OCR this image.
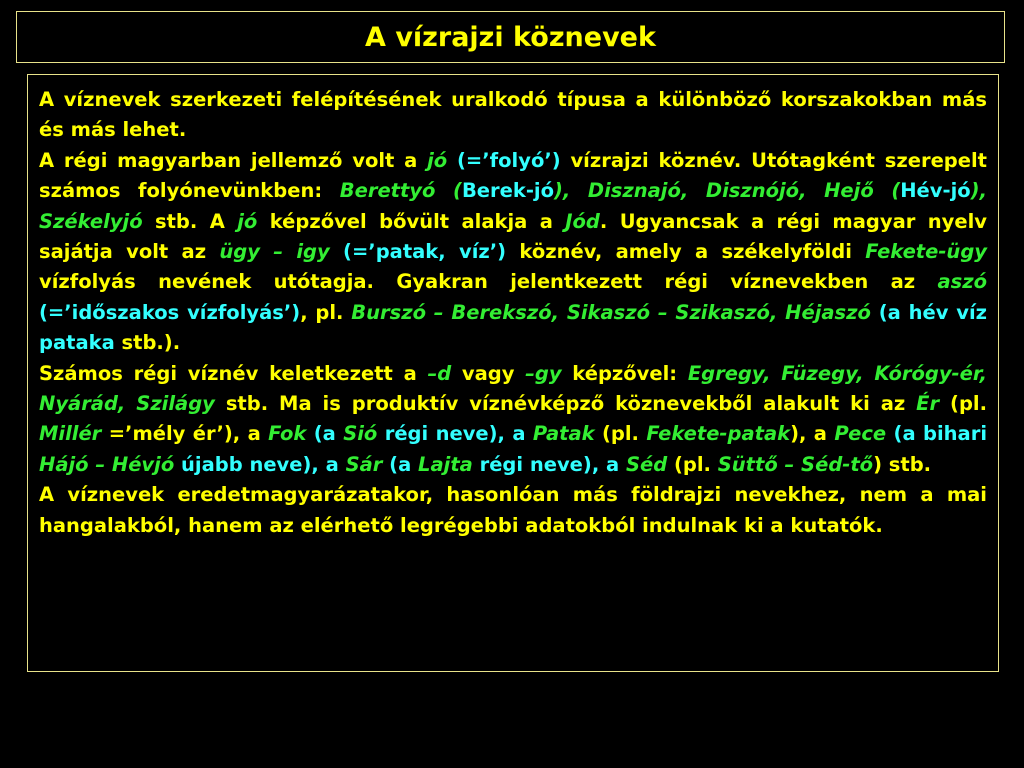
A vízrajzi köznevek

A víznevek szerkezeti felépítésének uralkodó típusa a különböző korszakokban más és más lehet.

A régi magyarban jellemző volt a jó (=’folyó’) vízrajzi köznév. Utótagként szerepelt számos folyónevünkben: Berettyó (Berek-jó), Disznajó, Disznójó, Hejő (Hév-jó), Székelyjó stb. A jó képzővel bővült alakja a Jód. Ugyancsak a régi magyar nyelv sajátja volt az ügy – igy (=’patak, víz’) köznév, amely a székelyföldi Fekete-ügy vízfolyás nevének utótagja. Gyakran jelentkezett régi víznevekben az aszó (=’időszakos vízfolyás’), pl. Burszó – Berekszó, Sikaszó – Szikaszó, Héjaszó (a hév víz pataka stb.).

Számos régi víznév keletkezett a –d vagy –gy képzővel: Egregy, Füzegy, Kórógy-ér, Nyárád, Szilágy stb. Ma is produktív víznévképző köznevekből alakult ki az Ér (pl. Millér =’mély ér’), a Fok (a Sió régi neve), a Patak (pl. Fekete-patak), a Pece (a bihari Hájó – Hévjó újabb neve), a Sár (a Lajta régi neve), a Séd (pl. Süttő – Séd-tő) stb.

A víznevek eredetmagyarázatakor, hasonlóan más földrajzi nevekhez, nem a mai hangalakból, hanem az elérhető legrégebbi adatokból indulnak ki a kutatók.
